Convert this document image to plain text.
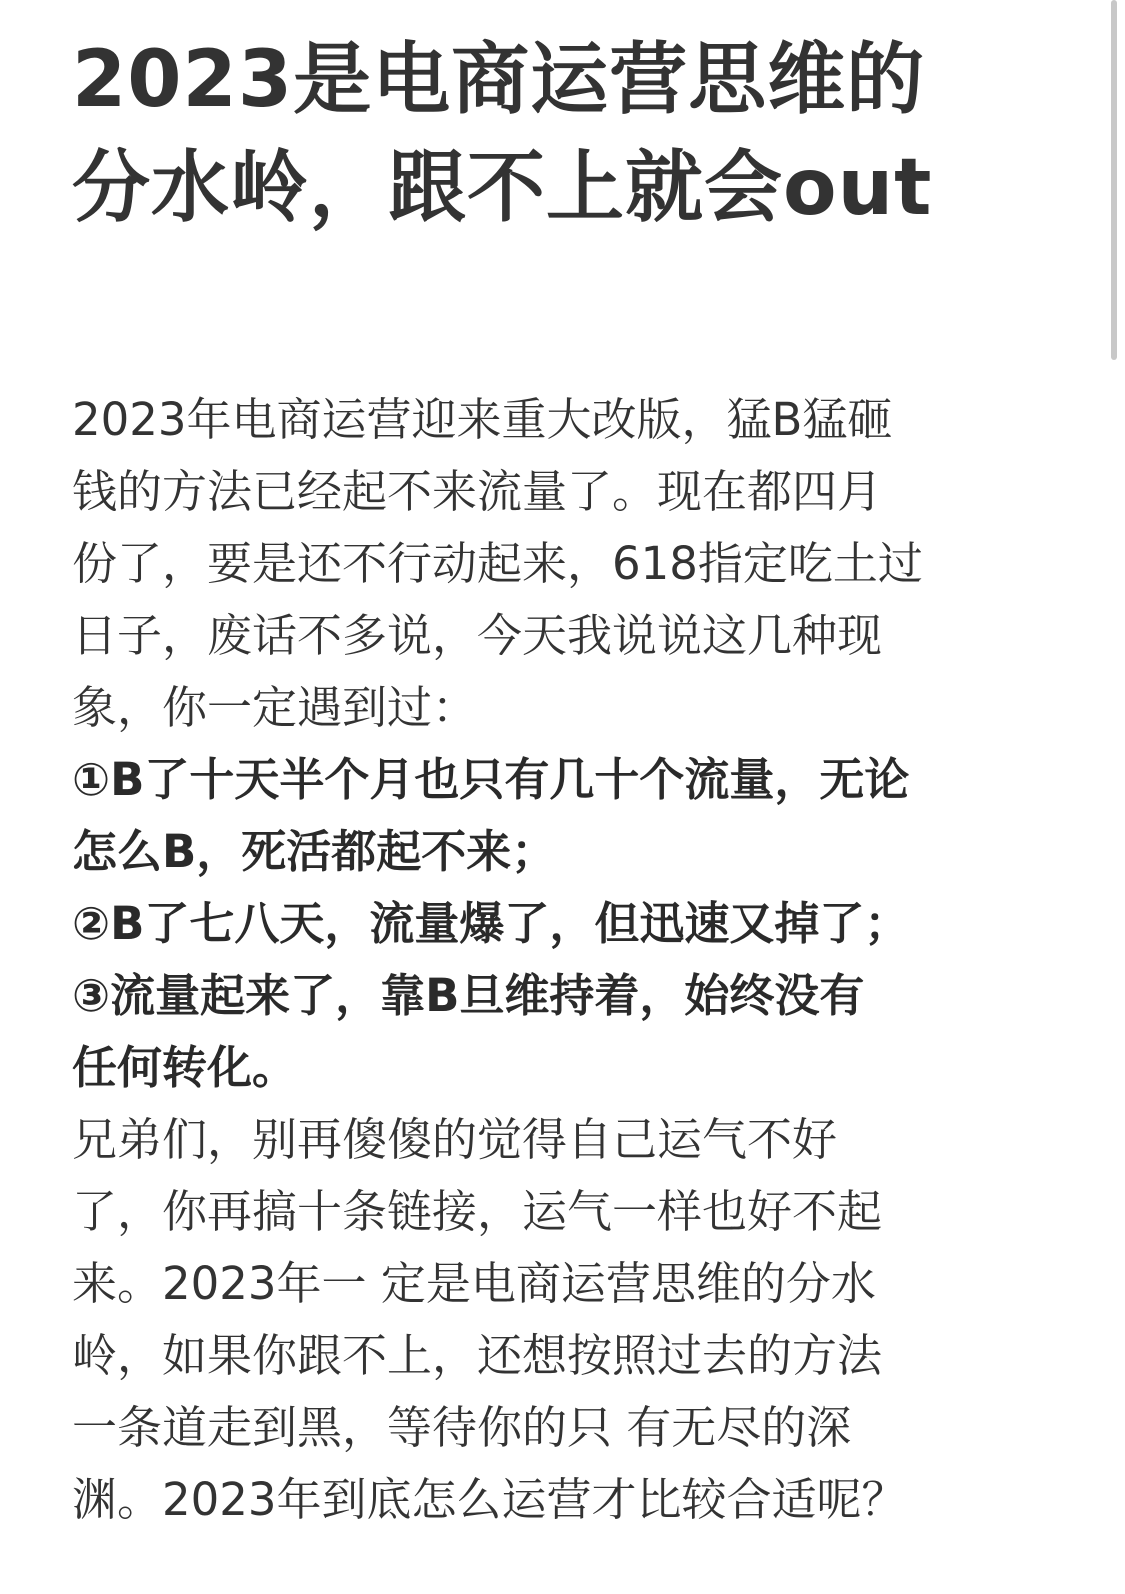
2023是电商运营思维的
分水岭，跟不上就会out
2023年电商运营迎来重大改版，猛B猛砸
钱的方法已经起不来流量了。现在都四月
份了，要是还不行动起来，618指定吃土过
日子，废话不多说，今天我说说这几种现
象，你一定遇到过：
①B了十天半个月也只有几十个流量，无论
怎么B，死活都起不来；
②B了七八天，流量爆了，但迅速又掉了；
③流量起来了，靠B旦维持着，始终没有
任何转化。
兄弟们，别再傻傻的觉得自己运气不好
了，你再搞十条链接，运气一样也好不起
来。2023年一 定是电商运营思维的分水
岭，如果你跟不上，还想按照过去的方法
一条道走到黑，等待你的只 有无尽的深
渊。2023年到底怎么运营才比较合适呢？
